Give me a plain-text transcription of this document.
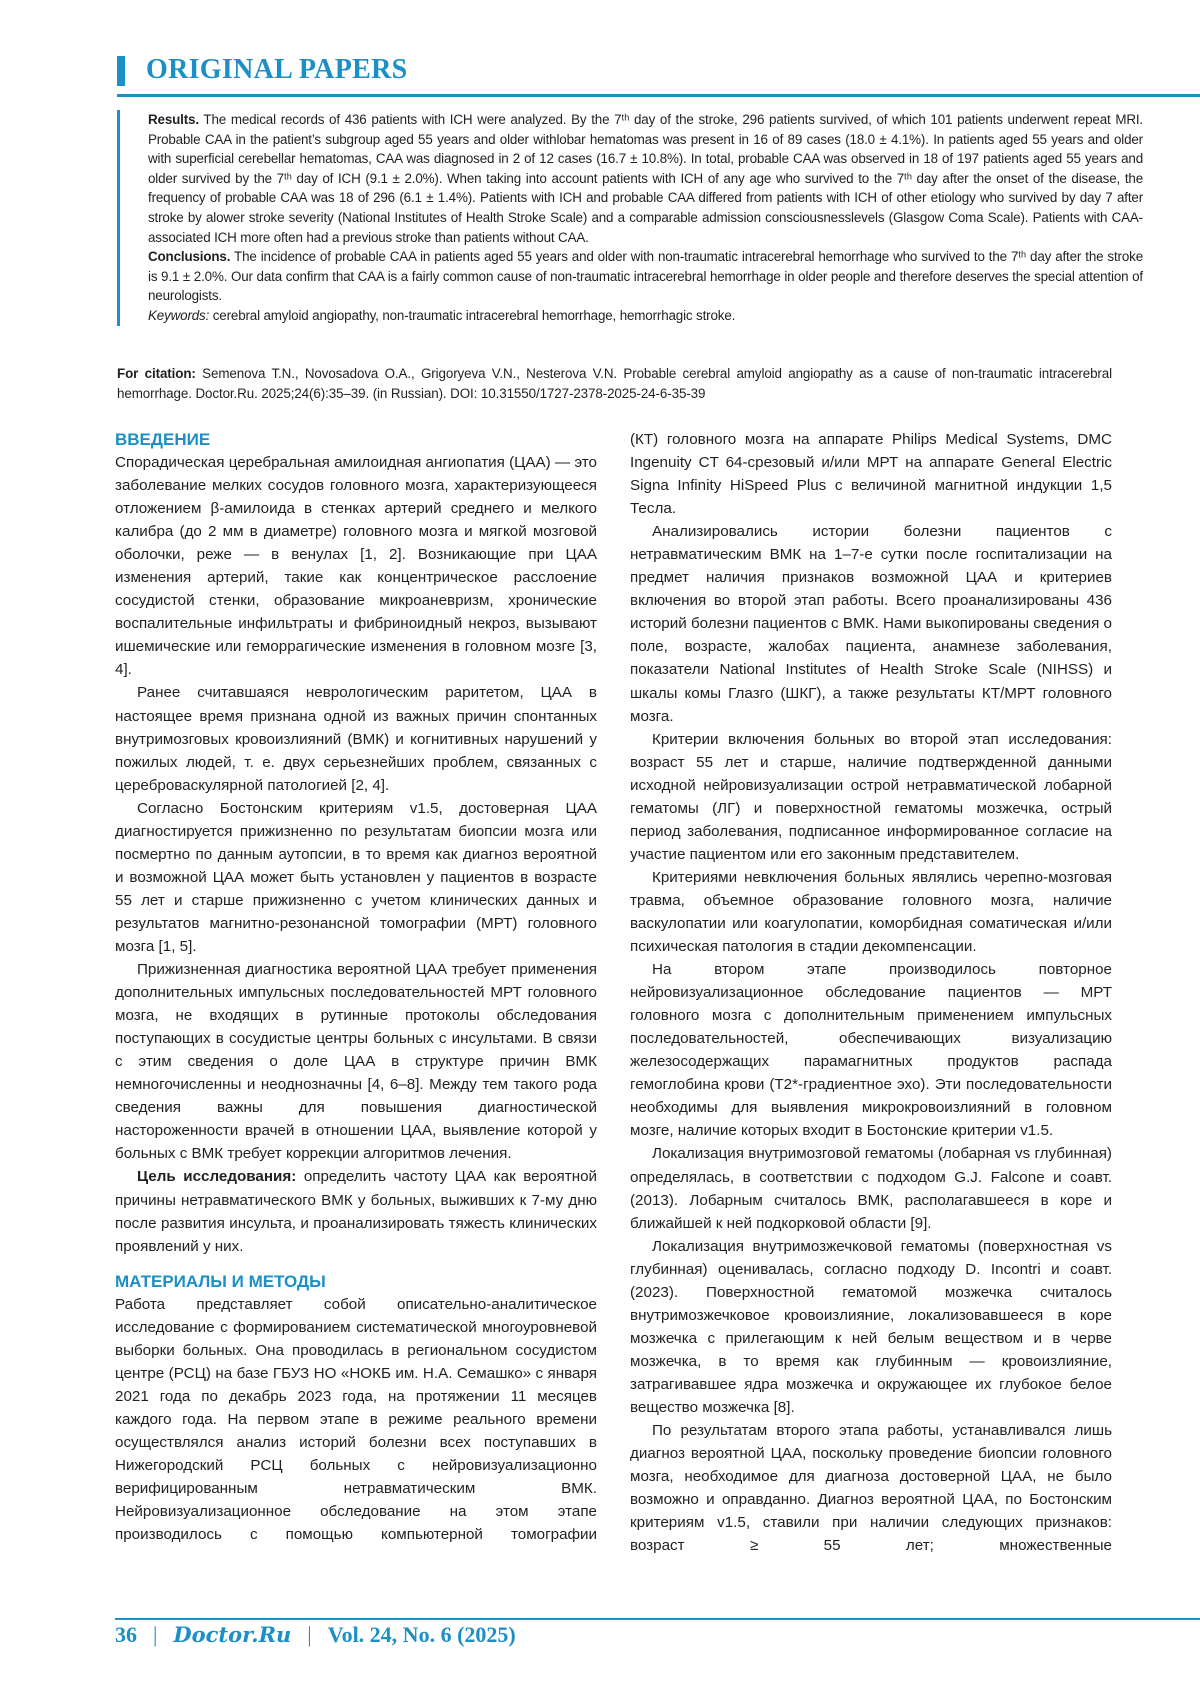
ORIGINAL PAPERS

Results. The medical records of 436 patients with ICH were analyzed. By the 7ᵗʰ day of the stroke, 296 patients survived, of which 101 patients underwent repeat MRI. Probable CAA in the patient’s subgroup aged 55 years and older withlobar hematomas was present in 16 of 89 cases (18.0 ± 4.1%). In patients aged 55 years and older with superficial cerebellar hematomas, CAA was diagnosed in 2 of 12 cases (16.7 ± 10.8%). In total, probable CAA was observed in 18 of 197 patients aged 55 years and older survived by the 7ᵗʰ day of ICH (9.1 ± 2.0%). When taking into account patients with ICH of any age who survived to the 7ᵗʰ day after the onset of the disease, the frequency of probable CAA was 18 of 296 (6.1 ± 1.4%). Patients with ICH and probable CAA differed from patients with ICH of other etiology who survived by day 7 after stroke by alower stroke severity (National Institutes of Health Stroke Scale) and a comparable admission consciousnesslevels (Glasgow Coma Scale). Patients with CAA-associated ICH more often had a previous stroke than patients without CAA.

Conclusions. The incidence of probable CAA in patients aged 55 years and older with non-traumatic intracerebral hemorrhage who survived to the 7ᵗʰ day after the stroke is 9.1 ± 2.0%. Our data confirm that CAA is a fairly common cause of non-traumatic intracerebral hemorrhage in older people and therefore deserves the special attention of neurologists.

Keywords: cerebral amyloid angiopathy, non-traumatic intracerebral hemorrhage, hemorrhagic stroke.

For citation: Semenova T.N., Novosadova O.A., Grigoryeva V.N., Nesterova V.N. Probable cerebral amyloid angiopathy as a cause of non-traumatic intracerebral hemorrhage. Doctor.Ru. 2025;24(6):35–39. (in Russian). DOI: 10.31550/1727-2378-2025-24-6-35-39
ВВЕДЕНИЕ

Спорадическая церебральная амилоидная ангиопатия (ЦАА) — это заболевание мелких сосудов головного мозга, характеризующееся отложением β-амилоида в стенках артерий среднего и мелкого калибра (до 2 мм в диаметре) головного мозга и мягкой мозговой оболочки, реже — в венулах [1, 2]. Возникающие при ЦАА изменения артерий, такие как концентрическое расслоение сосудистой стенки, образование микроаневризм, хронические воспалительные инфильтраты и фибриноидный некроз, вызывают ишемические или геморрагические изменения в головном мозге [3, 4].

Ранее считавшаяся неврологическим раритетом, ЦАА в настоящее время признана одной из важных причин спонтанных внутримозговых кровоизлияний (ВМК) и когнитивных нарушений у пожилых людей, т. е. двух серьезнейших проблем, связанных с цереброваскулярной патологией [2, 4].

Согласно Бостонским критериям v1.5, достоверная ЦАА диагностируется прижизненно по результатам биопсии мозга или посмертно по данным аутопсии, в то время как диагноз вероятной и возможной ЦАА может быть установлен у пациентов в возрасте 55 лет и старше прижизненно с учетом клинических данных и результатов магнитно-резонансной томографии (МРТ) головного мозга [1, 5].

Прижизненная диагностика вероятной ЦАА требует применения дополнительных импульсных последовательностей МРТ головного мозга, не входящих в рутинные протоколы обследования поступающих в сосудистые центры больных с инсультами. В связи с этим сведения о доле ЦАА в структуре причин ВМК немногочисленны и неоднозначны [4, 6–8]. Между тем такого рода сведения важны для повышения диагностической настороженности врачей в отношении ЦАА, выявление которой у больных с ВМК требует коррекции алгоритмов лечения.

Цель исследования: определить частоту ЦАА как вероятной причины нетравматического ВМК у больных, выживших к 7-му дню после развития инсульта, и проанализировать тяжесть клинических проявлений у них.

МАТЕРИАЛЫ И МЕТОДЫ

Работа представляет собой описательно-аналитическое исследование с формированием систематической многоуровневой выборки больных. Она проводилась в региональном сосудистом центре (РСЦ) на базе ГБУЗ НО «НОКБ им. Н.А. Семашко» с января 2021 года по декабрь 2023 года, на протяжении 11 месяцев каждого года. На первом этапе в режиме реального времени осуществлялся анализ историй болезни всех поступавших в Нижегородский РСЦ больных с нейровизуализационно верифицированным нетравматическим ВМК. Нейровизуализационное обследование на этом этапе производилось с помощью компьютерной томографии

(КТ) головного мозга на аппарате Philips Medical Systems, DMC Ingenuity CT 64-срезовый и/или МРТ на аппарате General Electric Signa Infinity HiSpeed Plus с величиной магнитной индукции 1,5 Тесла.

Анализировались истории болезни пациентов с нетравматическим ВМК на 1–7-е сутки после госпитализации на предмет наличия признаков возможной ЦАА и критериев включения во второй этап работы. Всего проанализированы 436 историй болезни пациентов с ВМК. Нами выкопированы сведения о поле, возрасте, жалобах пациента, анамнезе заболевания, показатели National Institutes of Health Stroke Scale (NIHSS) и шкалы комы Глазго (ШКГ), а также результаты КТ/МРТ головного мозга.

Критерии включения больных во второй этап исследования: возраст 55 лет и старше, наличие подтвержденной данными исходной нейровизуализации острой нетравматической лобарной гематомы (ЛГ) и поверхностной гематомы мозжечка, острый период заболевания, подписанное информированное согласие на участие пациентом или его законным представителем.

Критериями невключения больных являлись черепно-мозговая травма, объемное образование головного мозга, наличие васкулопатии или коагулопатии, коморбидная соматическая и/или психическая патология в стадии декомпенсации.

На втором этапе производилось повторное нейровизуализационное обследование пациентов — МРТ головного мозга с дополнительным применением импульсных последовательностей, обеспечивающих визуализацию железосодержащих парамагнитных продуктов распада гемоглобина крови (T2*-градиентное эхо). Эти последовательности необходимы для выявления микрокровоизлияний в головном мозге, наличие которых входит в Бостонские критерии v1.5.

Локализация внутримозговой гематомы (лобарная vs глубинная) определялась, в соответствии с подходом G.J. Falcone и соавт. (2013). Лобарным считалось ВМК, располагавшееся в коре и ближайшей к ней подкорковой области [9].

Локализация внутримозжечковой гематомы (поверхностная vs глубинная) оценивалась, согласно подходу D. Incontri и соавт. (2023). Поверхностной гематомой мозжечка считалось внутримозжечковое кровоизлияние, локализовавшееся в коре мозжечка с прилегающим к ней белым веществом и в черве мозжечка, в то время как глубинным — кровоизлияние, затрагивавшее ядра мозжечка и окружающее их глубокое белое вещество мозжечка [8].

По результатам второго этапа работы, устанавливался лишь диагноз вероятной ЦАА, поскольку проведение биопсии головного мозга, необходимое для диагноза достоверной ЦАА, не было возможно и оправданно. Диагноз вероятной ЦАА, по Бостонским критериям v1.5, ставили при наличии следующих признаков: возраст ≥ 55 лет; множественные

36 | Doctor.Ru | Vol. 24, No. 6 (2025)
